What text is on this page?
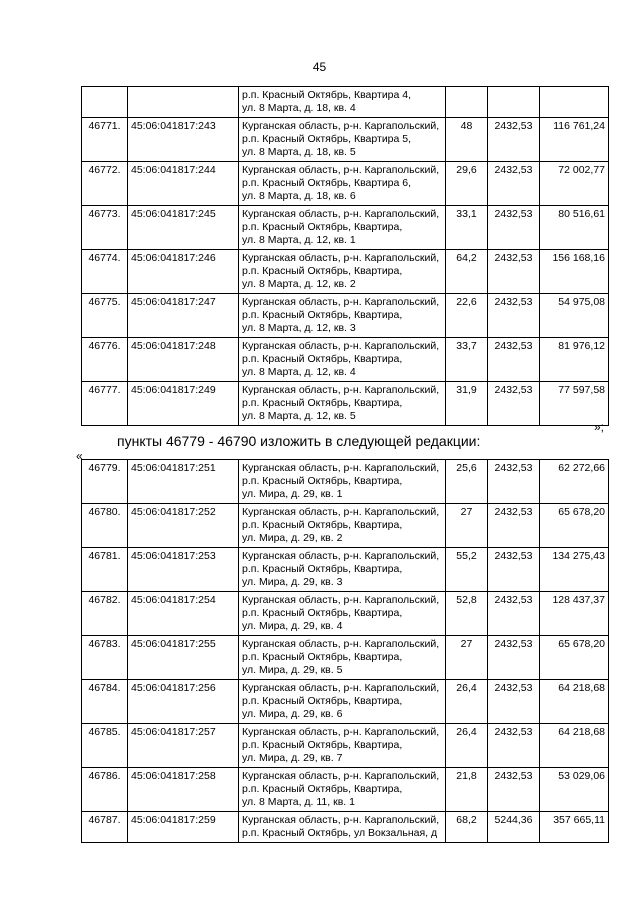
45
		р.п. Красный Октябрь, Квартира 4,
ул. 8 Марта, д. 18, кв. 4			
46771.	45:06:041817:243	Курганская область, р-н. Каргапольский,
р.п. Красный Октябрь, Квартира 5,
ул. 8 Марта, д. 18, кв. 5	48	2432,53	116 761,24
46772.	45:06:041817:244	Курганская область, р-н. Каргапольский,
р.п. Красный Октябрь, Квартира 6,
ул. 8 Марта, д. 18, кв. 6	29,6	2432,53	72 002,77
46773.	45:06:041817:245	Курганская область, р-н. Каргапольский,
р.п. Красный Октябрь, Квартира,
ул. 8 Марта, д. 12, кв. 1	33,1	2432,53	80 516,61
46774.	45:06:041817:246	Курганская область, р-н. Каргапольский,
р.п. Красный Октябрь, Квартира,
ул. 8 Марта, д. 12, кв. 2	64,2	2432,53	156 168,16
46775.	45:06:041817:247	Курганская область, р-н. Каргапольский,
р.п. Красный Октябрь, Квартира,
ул. 8 Марта, д. 12, кв. 3	22,6	2432,53	54 975,08
46776.	45:06:041817:248	Курганская область, р-н. Каргапольский,
р.п. Красный Октябрь, Квартира,
ул. 8 Марта, д. 12, кв. 4	33,7	2432,53	81 976,12
46777.	45:06:041817:249	Курганская область, р-н. Каргапольский,
р.п. Красный Октябрь, Квартира,
ул. 8 Марта, д. 12, кв. 5	31,9	2432,53	77 597,58
»;
пункты 46779 - 46790 изложить в следующей редакции:
«
46779.	45:06:041817:251	Курганская область, р-н. Каргапольский,
р.п. Красный Октябрь, Квартира,
ул. Мира, д. 29, кв. 1	25,6	2432,53	62 272,66
46780.	45:06:041817:252	Курганская область, р-н. Каргапольский,
р.п. Красный Октябрь, Квартира,
ул. Мира, д. 29, кв. 2	27	2432,53	65 678,20
46781.	45:06:041817:253	Курганская область, р-н. Каргапольский,
р.п. Красный Октябрь, Квартира,
ул. Мира, д. 29, кв. 3	55,2	2432,53	134 275,43
46782.	45:06:041817:254	Курганская область, р-н. Каргапольский,
р.п. Красный Октябрь, Квартира,
ул. Мира, д. 29, кв. 4	52,8	2432,53	128 437,37
46783.	45:06:041817:255	Курганская область, р-н. Каргапольский,
р.п. Красный Октябрь, Квартира,
ул. Мира, д. 29, кв. 5	27	2432,53	65 678,20
46784.	45:06:041817:256	Курганская область, р-н. Каргапольский,
р.п. Красный Октябрь, Квартира,
ул. Мира, д. 29, кв. 6	26,4	2432,53	64 218,68
46785.	45:06:041817:257	Курганская область, р-н. Каргапольский,
р.п. Красный Октябрь, Квартира,
ул. Мира, д. 29, кв. 7	26,4	2432,53	64 218,68
46786.	45:06:041817:258	Курганская область, р-н. Каргапольский,
р.п. Красный Октябрь, Квартира,
ул. 8 Марта, д. 11, кв. 1	21,8	2432,53	53 029,06
46787.	45:06:041817:259	Курганская область, р-н. Каргапольский,
р.п. Красный Октябрь, ул Вокзальная, д	68,2	5244,36	357 665,11
